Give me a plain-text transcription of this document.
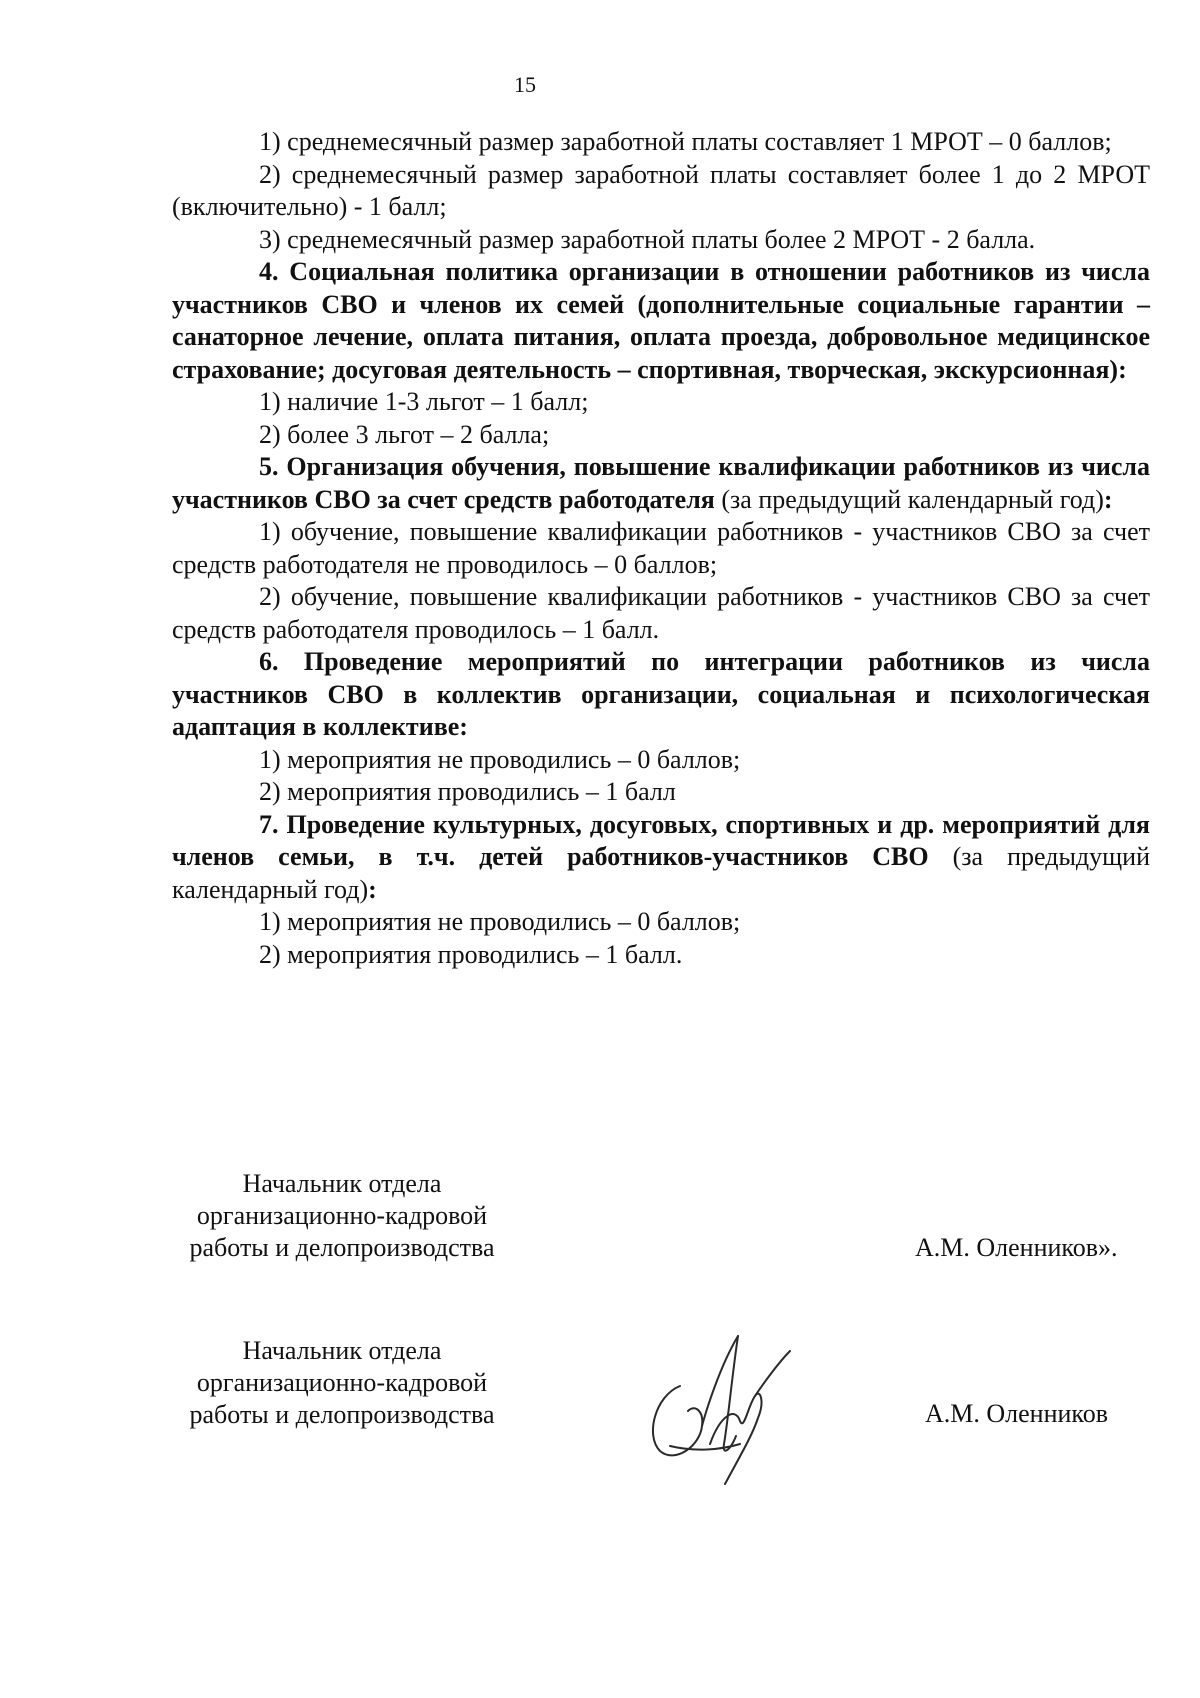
15

1) среднемесячный размер заработной платы составляет 1 МРОТ – 0 баллов;

2) среднемесячный размер заработной платы составляет более 1 до 2 МРОТ (включительно) - 1 балл;

3) среднемесячный размер заработной платы более 2 МРОТ - 2 балла.

4. Социальная политика организации в отношении работников из числа участников СВО и членов их семей (дополнительные социальные гарантии – санаторное лечение, оплата питания, оплата проезда, добровольное медицинское страхование; досуговая деятельность – спортивная, творческая, экскурсионная):

1) наличие 1-3 льгот – 1 балл;

2) более 3 льгот – 2 балла;

5. Организация обучения, повышение квалификации работников из числа участников СВО за счет средств работодателя (за предыдущий календарный год):

1) обучение, повышение квалификации работников - участников СВО за счет средств работодателя не проводилось – 0 баллов;

2) обучение, повышение квалификации работников - участников СВО за счет средств работодателя проводилось – 1 балл.

6. Проведение мероприятий по интеграции работников из числа участников СВО в коллектив организации, социальная и психологическая адаптация в коллективе:

1) мероприятия не проводились – 0 баллов;

2) мероприятия проводились – 1 балл

7. Проведение культурных, досуговых, спортивных и др. мероприятий для членов семьи, в т.ч. детей работников-участников СВО (за предыдущий календарный год):

1) мероприятия не проводились – 0 баллов;

2) мероприятия проводились – 1 балл.

Начальник отдела
организационно-кадровой
работы и делопроизводства	А.М. Оленников».
Начальник отдела
организационно-кадровой
работы и делопроизводства	А.М. Оленников
